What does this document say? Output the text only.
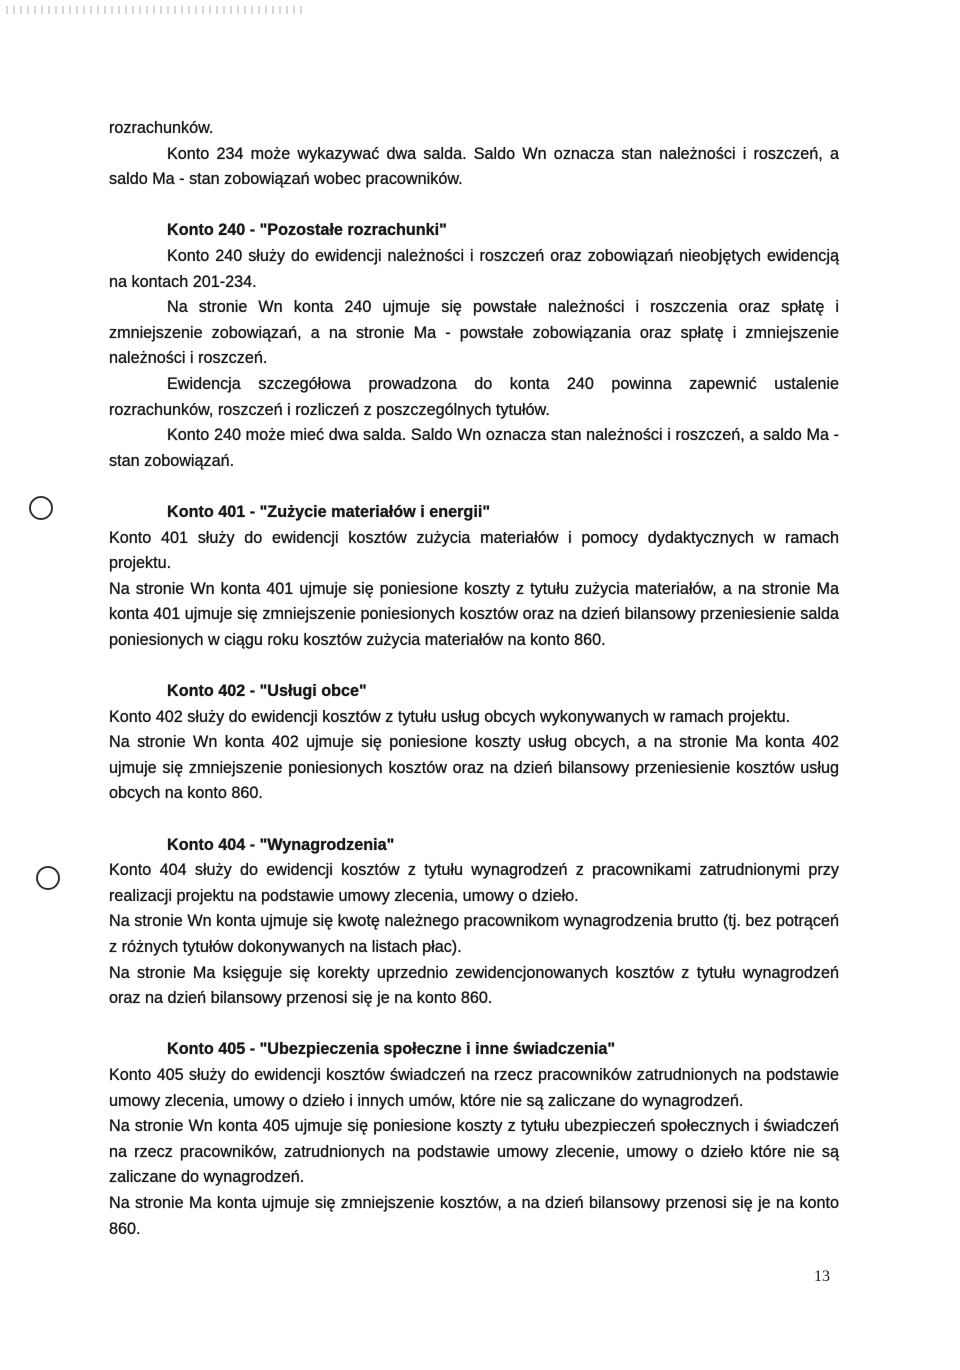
rozrachunków.

Konto 234 może wykazywać dwa salda. Saldo Wn oznacza stan należności i roszczeń, a saldo Ma - stan zobowiązań wobec pracowników.

Konto 240 - "Pozostałe rozrachunki"

Konto 240 służy do ewidencji należności i roszczeń oraz zobowiązań nieobjętych ewidencją na kontach 201-234.

Na stronie Wn konta 240 ujmuje się powstałe należności i roszczenia oraz spłatę i zmniejszenie zobowiązań, a na stronie Ma - powstałe zobowiązania oraz spłatę i zmniejszenie należności i roszczeń.

Ewidencja szczegółowa prowadzona do konta 240 powinna zapewnić ustalenie rozrachunków, roszczeń i rozliczeń z poszczególnych tytułów.

Konto 240 może mieć dwa salda. Saldo Wn oznacza stan należności i roszczeń, a saldo Ma - stan zobowiązań.

Konto 401 - "Zużycie materiałów i energii"

Konto 401 służy do ewidencji kosztów zużycia materiałów i pomocy dydaktycznych w ramach projektu.

Na stronie Wn konta 401 ujmuje się poniesione koszty z tytułu zużycia materiałów, a na stronie Ma konta 401 ujmuje się zmniejszenie poniesionych kosztów oraz na dzień bilansowy przeniesienie salda poniesionych w ciągu roku kosztów zużycia materiałów na konto 860.

Konto 402 - "Usługi obce"

Konto 402 służy do ewidencji kosztów z tytułu usług obcych wykonywanych w ramach projektu.

Na stronie Wn konta 402 ujmuje się poniesione koszty usług obcych, a na stronie Ma konta 402 ujmuje się zmniejszenie poniesionych kosztów oraz na dzień bilansowy przeniesienie kosztów usług obcych na konto 860.

Konto 404 - "Wynagrodzenia"

Konto 404 służy do ewidencji kosztów z tytułu wynagrodzeń z pracownikami zatrudnionymi przy realizacji projektu na podstawie umowy zlecenia, umowy o dzieło.

Na stronie Wn konta ujmuje się kwotę należnego pracownikom wynagrodzenia brutto (tj. bez potrąceń z różnych tytułów dokonywanych na listach płac).

Na stronie Ma księguje się korekty uprzednio zewidencjonowanych kosztów z tytułu wynagrodzeń oraz na dzień bilansowy przenosi się je na konto 860.

Konto 405 - "Ubezpieczenia społeczne i inne świadczenia"

Konto 405 służy do ewidencji kosztów świadczeń na rzecz pracowników zatrudnionych na podstawie umowy zlecenia, umowy o dzieło i innych umów, które nie są zaliczane do wynagrodzeń.

Na stronie Wn konta 405 ujmuje się poniesione koszty z tytułu ubezpieczeń społecznych i świadczeń na rzecz pracowników, zatrudnionych na podstawie umowy zlecenie, umowy o dzieło które nie są zaliczane do wynagrodzeń.

Na stronie Ma konta ujmuje się zmniejszenie kosztów, a na dzień bilansowy przenosi się je na konto 860.

13
